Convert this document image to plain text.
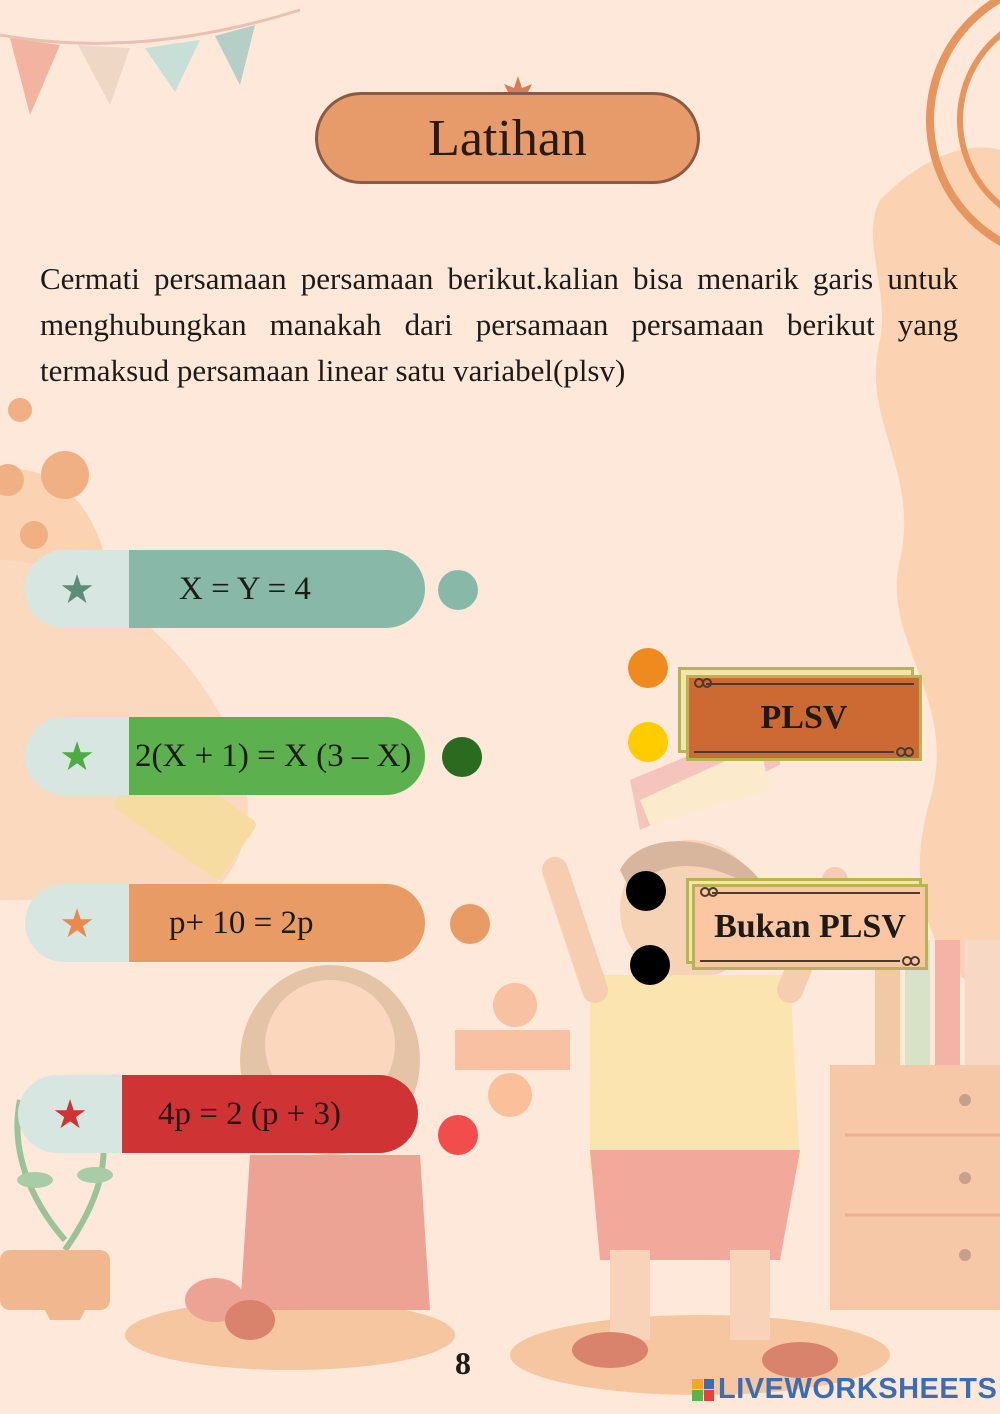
Latihan
Cermati persamaan persamaan berikut.kalian bisa menarik garis untuk menghubungkan manakah dari persamaan persamaan berikut yang termaksud persamaan linear satu variabel(plsv)
★	X = Y = 4
★ 2(X + 1) = X (3 – X)
★	p+ 10 = 2p
★	4p = 2 (p + 3)
PLSV
Bukan PLSV
8
LIVEWORKSHEETS
